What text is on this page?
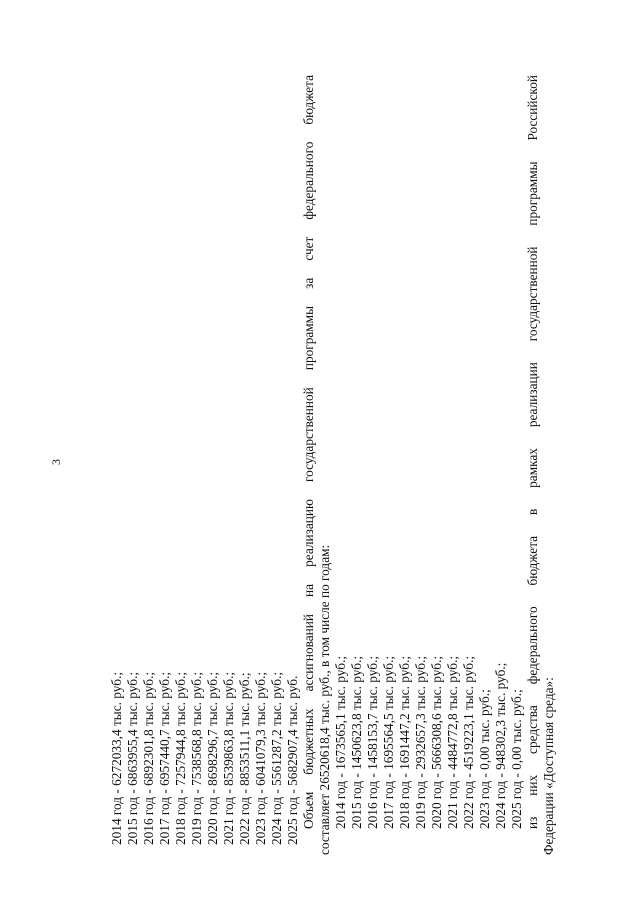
3
2014 год - 6272033,4 тыс. руб.; 2015 год - 6863955,4 тыс. руб.; 2016 год - 6892301,8 тыс. руб.; 2017 год - 6957440,7 тыс. руб.; 2018 год - 7257944,8 тыс. руб.; 2019 год - 7538568,8 тыс. руб.; 2020 год - 8698296,7 тыс. руб.; 2021 год - 8539863,8 тыс. руб.; 2022 год - 8853511,1 тыс. руб.; 2023 год - 6041079,3 тыс. руб.; 2024 год - 5561287,2 тыс. руб.; 2025 год - 5682907,4 тыс. руб. Объем бюджетных ассигнований на реализацию государственной программы за счет федерального бюджета составляет 26520618,4 тыс. руб., в том числе по годам: 2014 год - 1673565,1 тыс. руб.; 2015 год - 1450623,8 тыс. руб.; 2016 год - 1458153,7 тыс. руб.; 2017 год - 1695564,5 тыс. руб.; 2018 год - 1691447,2 тыс. руб.; 2019 год - 2932657,3 тыс. руб.; 2020 год - 5666308,6 тыс. руб.; 2021 год - 4484772,8 тыс. руб.; 2022 год - 4519223,1 тыс. руб.; 2023 год - 0,00 тыс. руб.; 2024 год - 948302,3 тыс. руб.; 2025 год - 0,00 тыс. руб.; из них средства федерального бюджета в рамках реализации государственной программы Российской Федерации «Доступная среда»:
